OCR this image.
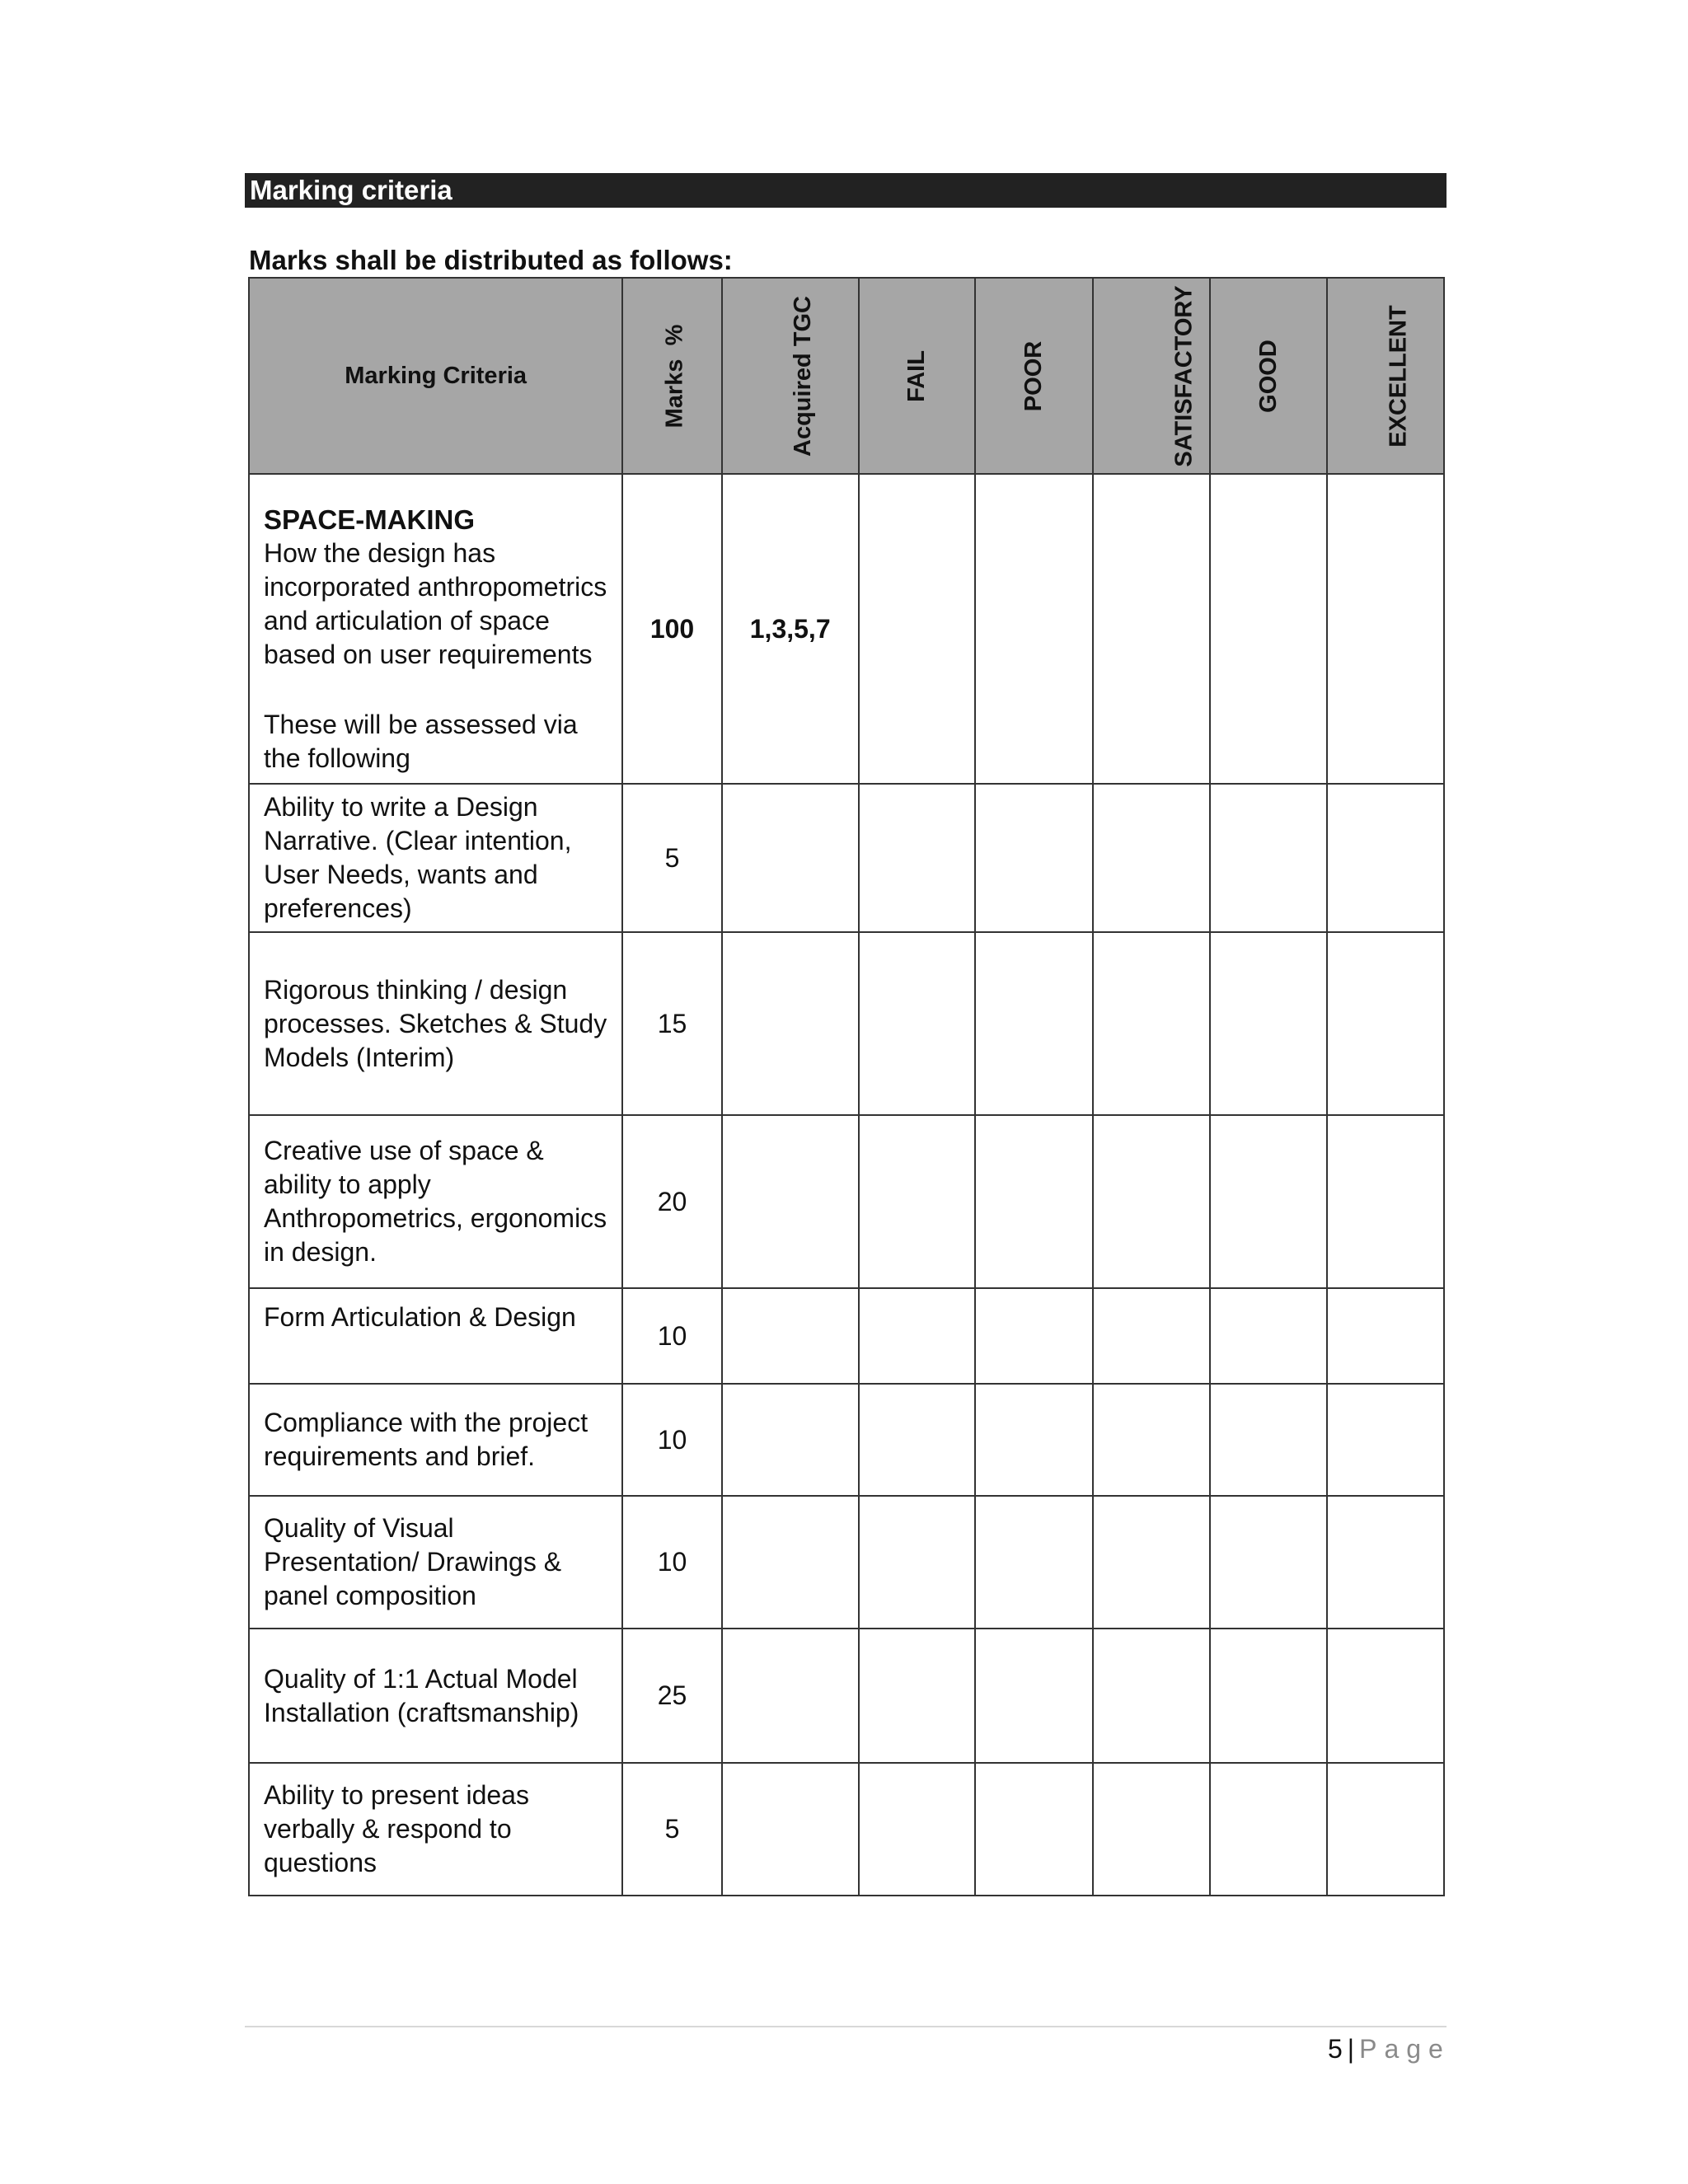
Marking criteria
Marks shall be distributed as follows:
Marking Criteria	Marks  %	Acquired TGC	FAIL	POOR	SATISFACTORY	GOOD	EXCELLENT

SPACE-MAKING
How the design has incorporated anthropometrics and articulation of space based on user requirements
These will be assessed via the following	100	1,3,5,7					
Ability to write a Design Narrative. (Clear intention, User Needs, wants and preferences)	5						
Rigorous thinking / design processes. Sketches & Study Models (Interim)	15						
Creative use of space & ability to apply Anthropometrics, ergonomics in design.	20						
Form Articulation & Design	10						
Compliance with the project requirements and brief.	10						
Quality of Visual Presentation/ Drawings & panel composition	10						
Quality of 1:1 Actual Model Installation (craftsmanship)	25						
Ability to present ideas verbally & respond to questions	5						
5 | Page
